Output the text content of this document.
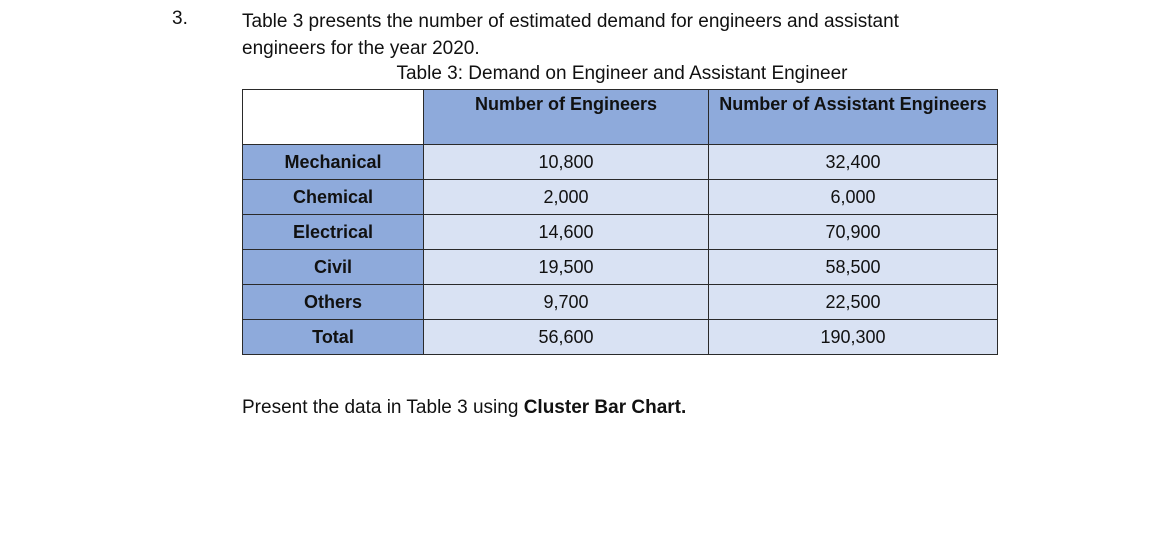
3.	Table 3 presents the number of estimated demand for engineers and assistant engineers for the year 2020.
Table 3: Demand on Engineer and Assistant Engineer
	Number of Engineers	Number of Assistant Engineers
Mechanical	10,800	32,400
Chemical	2,000	6,000
Electrical	14,600	70,900
Civil	19,500	58,500
Others	9,700	22,500
Total	56,600	190,300
Present the data in Table 3 using Cluster Bar Chart.
